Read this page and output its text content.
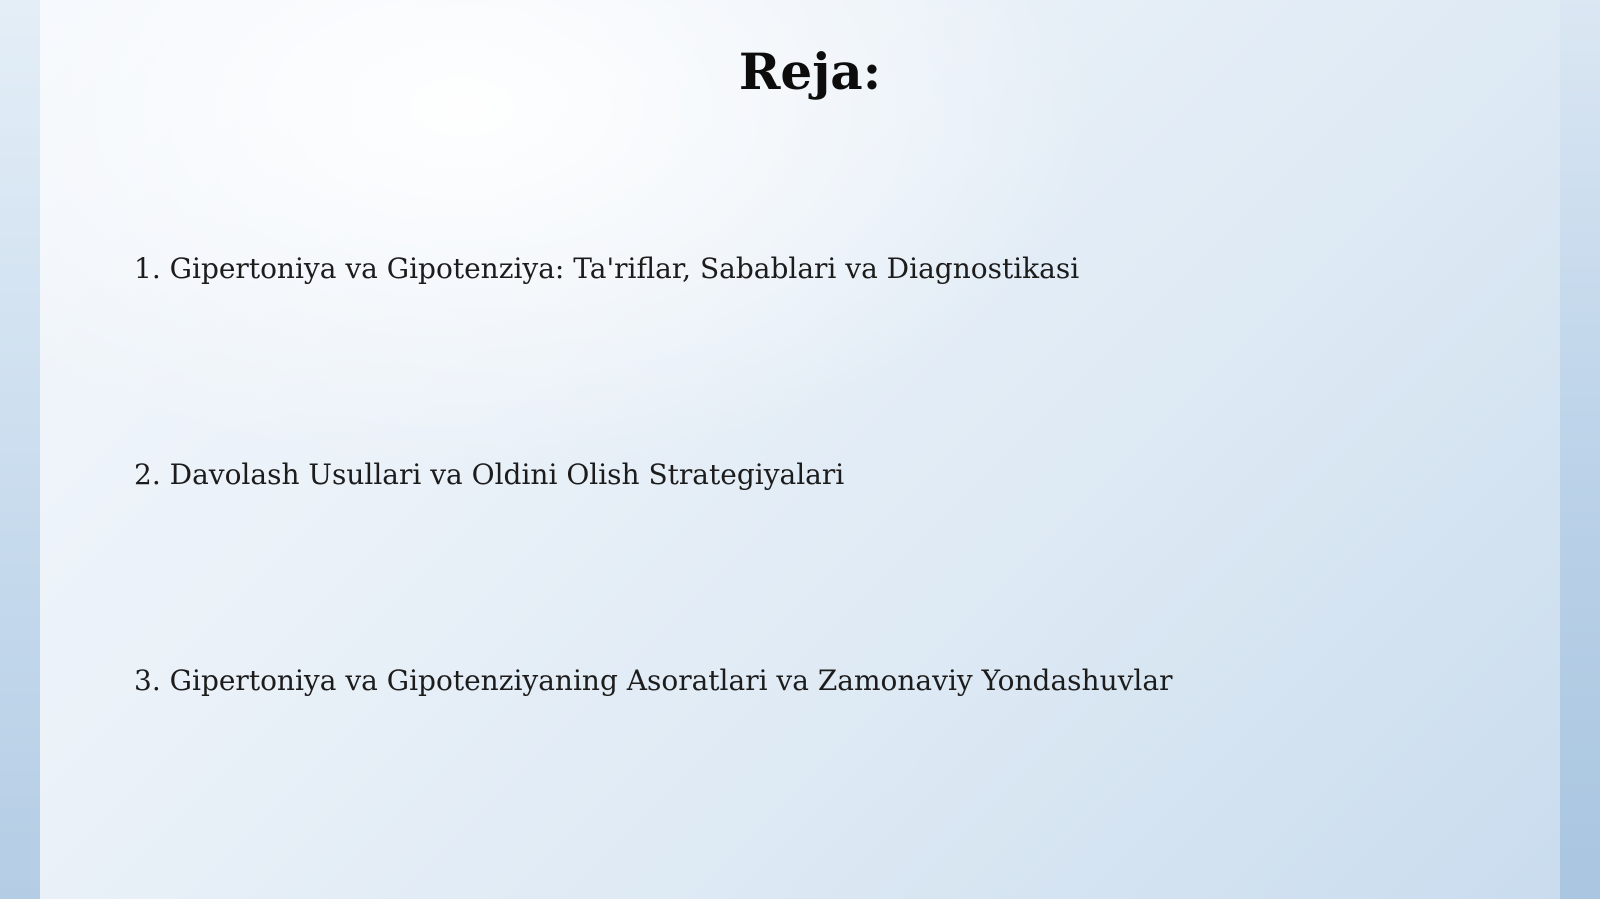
Reja:
1. Gipertoniya va Gipotenziya: Ta'riflar, Sabablari va Diagnostikasi
2. Davolash Usullari va Oldini Olish Strategiyalari
3. Gipertoniya va Gipotenziyaning Asoratlari va Zamonaviy Yondashuvlar
